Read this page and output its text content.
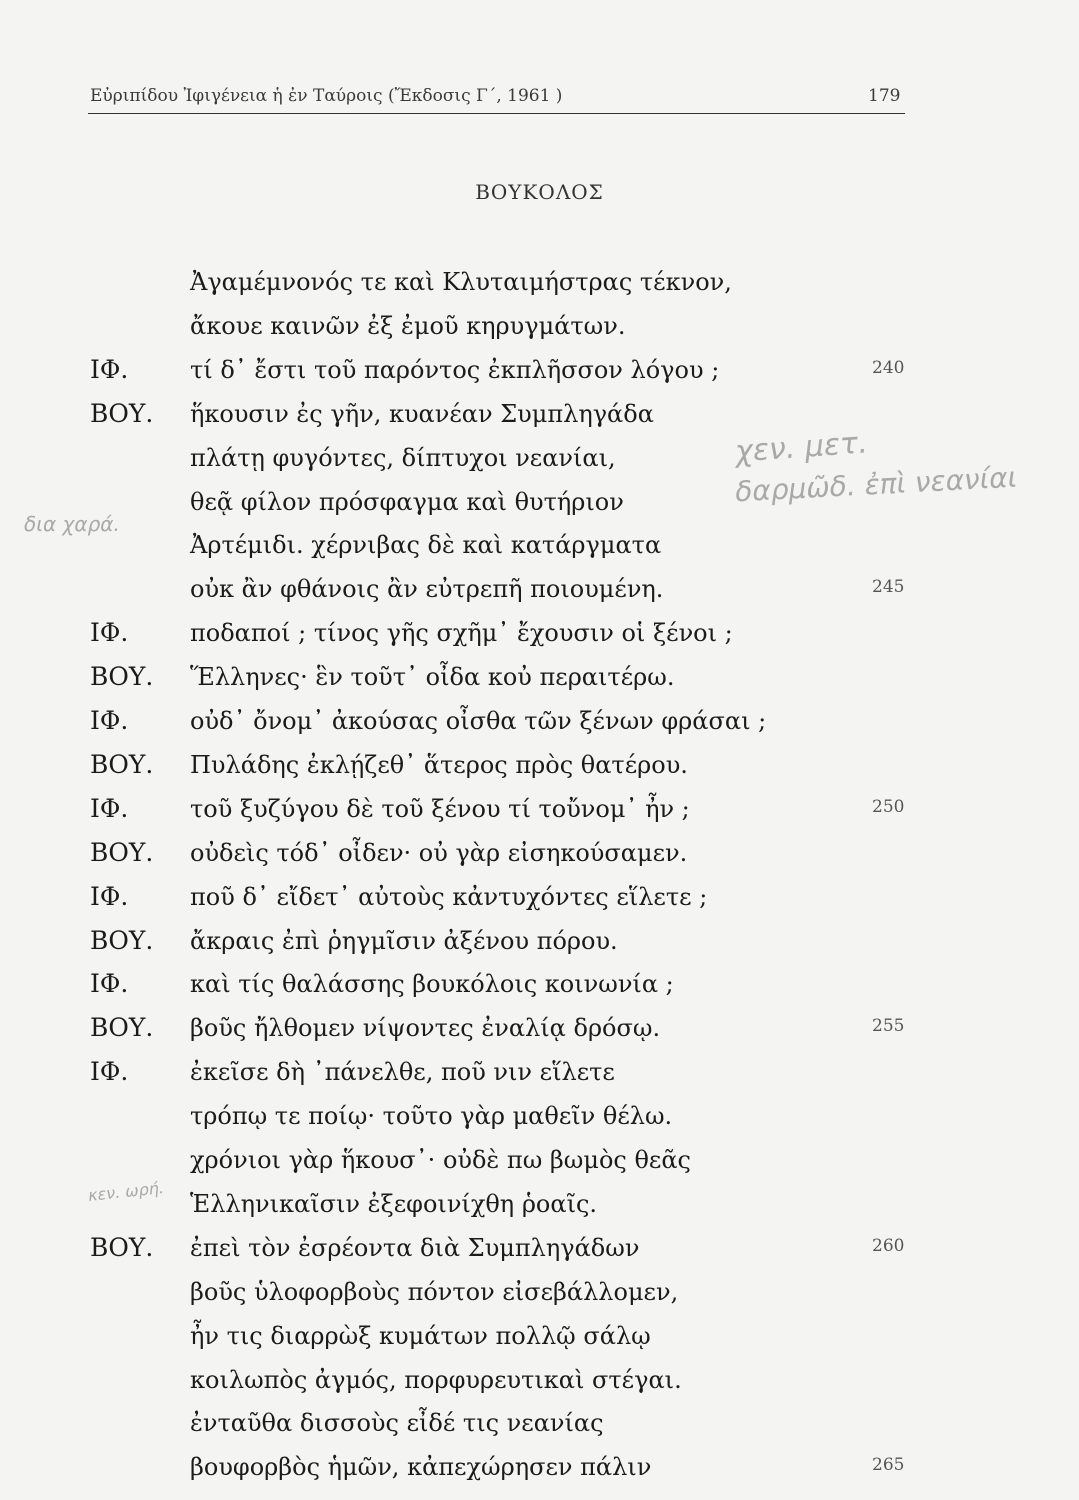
Εὐριπίδου Ἰφιγένεια ἡ ἐν Ταύροις (Ἔκδοσις Γ΄, 1961 )	179
ΒΟΥΚΟΛΟΣ
Ἀγαμέμνονός τε καὶ Κλυταιμήστρας τέκνον,
ἄκουε καινῶν ἐξ ἐμοῦ κηρυγμάτων.
ΙΦ.	τί δ᾽ ἔστι τοῦ παρόντος ἐκπλῆσσον λόγου ;	240
ΒΟΥ. ἥκουσιν ἐς γῆν, κυανέαν Συμπληγάδα
πλάτῃ φυγόντες, δίπτυχοι νεανίαι,
θεᾷ φίλον πρόσφαγμα καὶ θυτήριον
Ἀρτέμιδι. χέρνιβας δὲ καὶ κατάργματα
οὐκ ἂν φθάνοις ἂν εὐτρεπῆ ποιουμένη.	245
ΙΦ.	ποδαποί ; τίνος γῆς σχῆμ᾽ ἔχουσιν οἱ ξένοι ;
ΒΟΥ. Ἕλληνες· ἓν τοῦτ᾽ οἶδα κοὐ περαιτέρω.
ΙΦ.	οὐδ᾽ ὄνομ᾽ ἀκούσας οἶσθα τῶν ξένων φράσαι ;
ΒΟΥ. Πυλάδης ἐκλῄζεθ᾽ ἅτερος πρὸς θατέρου.
ΙΦ.	τοῦ ξυζύγου δὲ τοῦ ξένου τί τοὔνομ᾽ ἦν ;	250
ΒΟΥ. οὐδεὶς τόδ᾽ οἶδεν· οὐ γὰρ εἰσηκούσαμεν.
ΙΦ.	ποῦ δ᾽ εἴδετ᾽ αὐτοὺς κἀντυχόντες εἵλετε ;
ΒΟΥ. ἄκραις ἐπὶ ῥηγμῖσιν ἀξένου πόρου.
ΙΦ.	καὶ τίς θαλάσσης βουκόλοις κοινωνία ;
ΒΟΥ. βοῦς ἤλθομεν νίψοντες ἐναλίᾳ δρόσῳ.	255
ΙΦ.	ἐκεῖσε δὴ ᾽πάνελθε, ποῦ νιν εἵλετε
τρόπῳ τε ποίῳ· τοῦτο γὰρ μαθεῖν θέλω.
χρόνιοι γὰρ ἥκουσ᾽· οὐδὲ πω βωμὸς θεᾶς
Ἑλληνικαῖσιν ἐξεφοινίχθη ῥοαῖς.
ΒΟΥ. ἐπεὶ τὸν ἐσρέοντα διὰ Συμπληγάδων	260
βοῦς ὑλοφορβοὺς πόντον εἰσεβάλλομεν,
ἦν τις διαρρὼξ κυμάτων πολλῷ σάλῳ
κοιλωπὸς ἀγμός, πορφυρευτικαὶ στέγαι.
ἐνταῦθα δισσοὺς εἶδέ τις νεανίας
βουφορβὸς ἡμῶν, κἀπεχώρησεν πάλιν	265
χεν. μετ.
δαρμῶδ. ἐπὶ νεανίαι
δια χαρά.
κεν. ωρή.
